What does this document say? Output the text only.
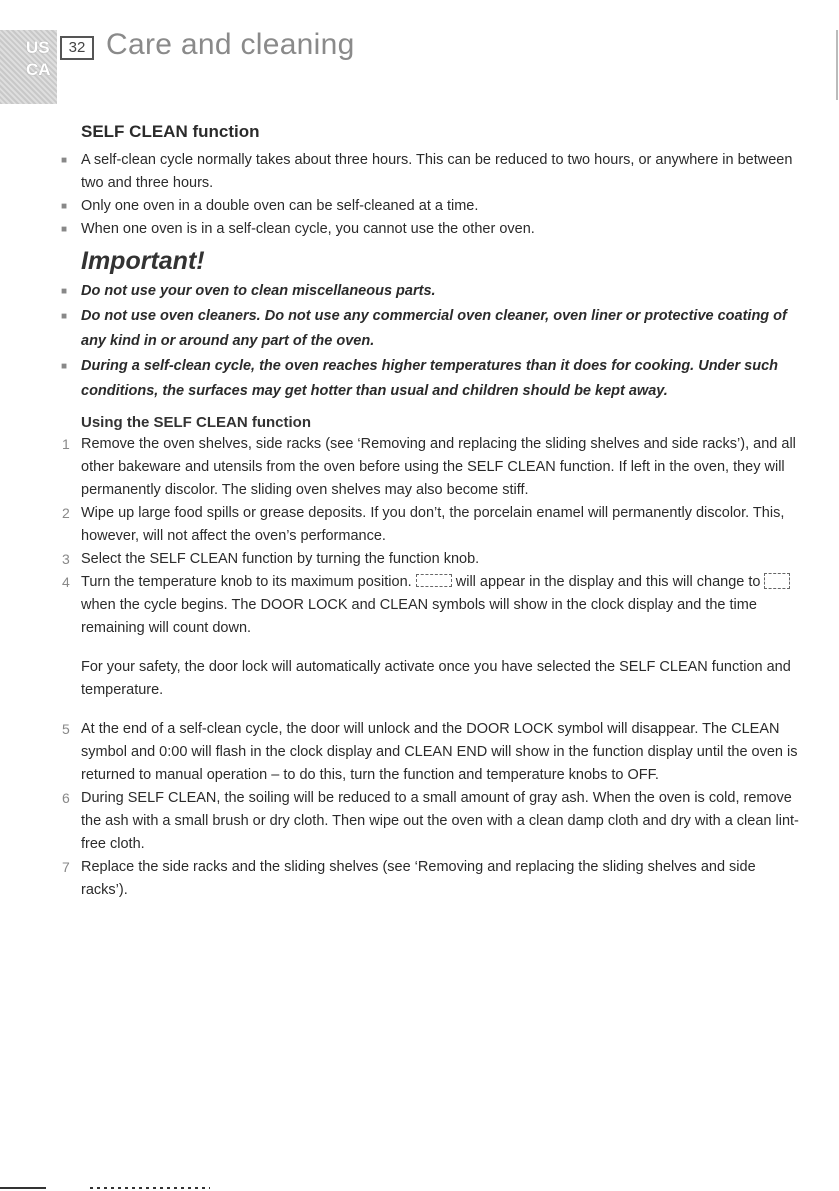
US
CA
32 Care and cleaning
SELF CLEAN function
■ A self-clean cycle normally takes about three hours. This can be reduced to two hours, or anywhere in between two and three hours.
■ Only one oven in a double oven can be self-cleaned at a time.
■ When one oven is in a self-clean cycle, you cannot use the other oven.
Important!
■ Do not use your oven to clean miscellaneous parts.
■ Do not use oven cleaners. Do not use any commercial oven cleaner, oven liner or protective coating of any kind in or around any part of the oven.
■ During a self-clean cycle, the oven reaches higher temperatures than it does for cooking. Under such conditions, the surfaces may get hotter than usual and children should be kept away.
Using the SELF CLEAN function
1 Remove the oven shelves, side racks (see ‘Removing and replacing the sliding shelves and side racks’), and all other bakeware and utensils from the oven before using the SELF CLEAN function. If left in the oven, they will permanently discolor. The sliding oven shelves may also become stiff.
2 Wipe up large food spills or grease deposits. If you don’t, the porcelain enamel will permanently discolor. This, however, will not affect the oven’s performance.
3 Select the SELF CLEAN function by turning the function knob.
4 Turn the temperature knob to its maximum position.	will appear in the display and this will change to  when the cycle begins. The DOOR LOCK and CLEAN symbols will show in the clock display and the time remaining will count down.

For your safety, the door lock will automatically activate once you have selected the SELF CLEAN function and temperature.

5 At the end of a self-clean cycle, the door will unlock and the DOOR LOCK symbol will disappear. The CLEAN symbol and 0:00 will flash in the clock display and CLEAN END will show in the function display until the oven is returned to manual operation – to do this, turn the function and temperature knobs to OFF.
6 During SELF CLEAN, the soiling will be reduced to a small amount of gray ash. When the oven is cold, remove the ash with a small brush or dry cloth. Then wipe out the oven with a clean damp cloth and dry with a clean lint-free cloth.
7 Replace the side racks and the sliding shelves (see ‘Removing and replacing the sliding shelves and side racks’).
